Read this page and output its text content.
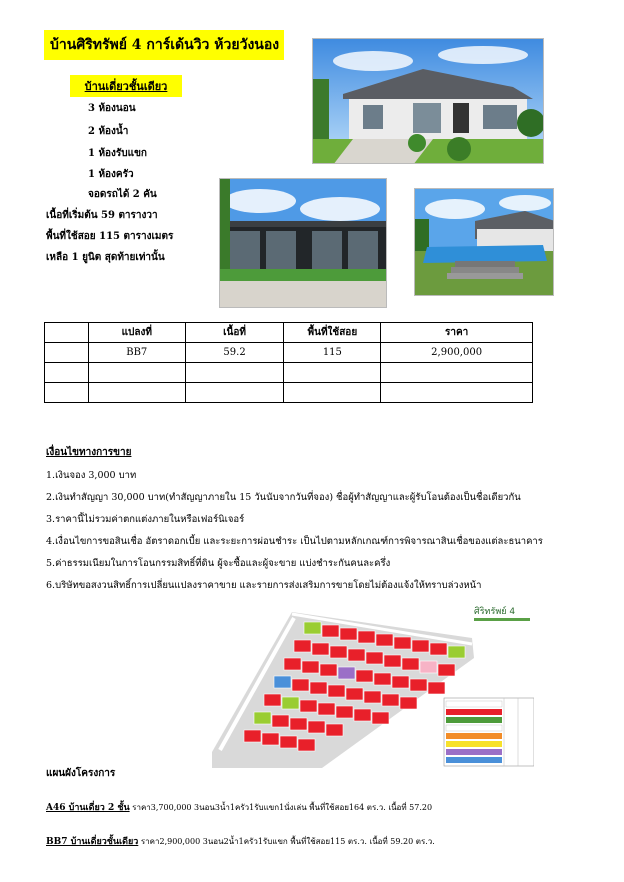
บ้านศิริทรัพย์ 4 การ์เด้นวิว ห้วยวังนอง
บ้านเดี่ยวชั้นเดียว
3 ห้องนอน
2 ห้องน้ำ
1 ห้องรับแขก
1 ห้องครัว
จอดรถได้ 2 คัน
เนื้อที่เริ่มต้น 59 ตารางวา
พื้นที่ใช้สอย 115 ตารางเมตร
เหลือ 1 ยูนิต สุดท้ายเท่านั้น
	แปลงที่	เนื้อที่	พื้นที่ใช้สอย	ราคา
	BB7	59.2	115	2,900,000

เงื่อนไขทางการขาย
1.เงินจอง 3,000 บาท
2.เงินทำสัญญา 30,000 บาท(ทำสัญญาภายใน 15 วันนับจากวันที่จอง) ชื่อผู้ทำสัญญาและผู้รับโอนต้องเป็นชื่อเดียวกัน
3.ราคานี้ไม่รวมค่าตกแต่งภายในหรือเฟอร์นิเจอร์
4.เงื่อนไขการขอสินเชื่อ อัตราดอกเบี้ย และระยะการผ่อนชำระ เป็นไปตามหลักเกณฑ์การพิจารณาสินเชื่อของแต่ละธนาคาร
5.ค่าธรรมเนียมในการโอนกรรมสิทธิ์ที่ดิน ผู้จะซื้อและผู้จะขาย แบ่งชำระกันคนละครึ่ง
6.บริษัทขอสงวนสิทธิ์การเปลี่ยนแปลงราคาขาย และรายการส่งเสริมการขายโดยไม่ต้องแจ้งให้ทราบล่วงหน้า
ศิริทรัพย์ 4
แผนผังโครงการ
A46 บ้านเดี่ยว 2 ชั้น ราคา3,700,000 3นอน3น้ำ1ครัว1รับแขก1นั่งเล่น พื้นที่ใช้สอย164 ตร.ว. เนื้อที่ 57.20
BB7 บ้านเดี่ยวชั้นเดียว ราคา2,900,000 3นอน2น้ำ1ครัว1รับแขก พื้นที่ใช้สอย115 ตร.ว. เนื้อที่ 59.20 ตร.ว.
